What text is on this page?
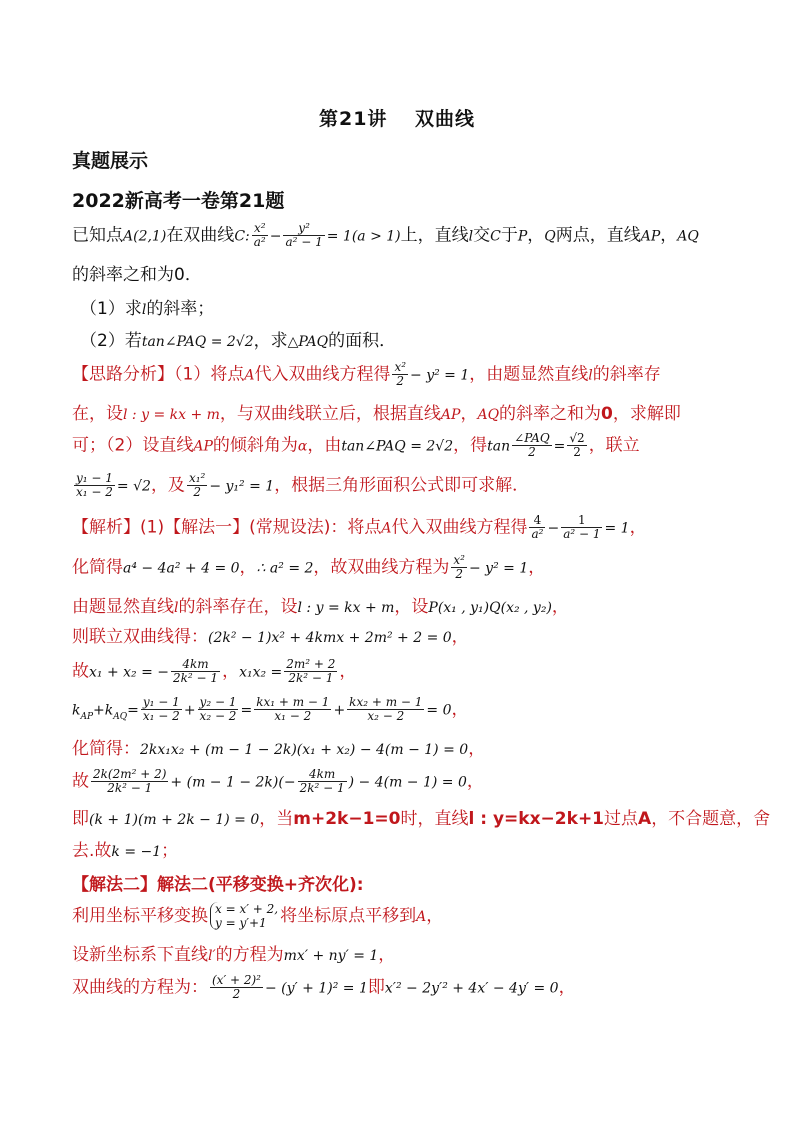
第21讲　 双曲线
真题展示
2022新高考一卷第21题
已知点A(2,1)在双曲线C: $\frac{\text{x²}}{\text{a²}} - \frac{\text{y²}}{\text{a² − 1}} = 1(a > 1)$上，直线l交C于P，Q两点，直线AP，AQ
的斜率之和为0．
（1）求l的斜率；
（2）若tan∠PAQ = 2√2，求△PAQ的面积．
【思路分析】（1）将点A代入双曲线方程得 $\frac{\text{x²}}{2} - y^2 = 1$，由题显然直线l的斜率存
在，设l : y = kx + m，与双曲线联立后，根据直线AP，AQ的斜率之和为0，求解即
可；（2）设直线AP的倾斜角为α，由tan∠PAQ = 2√2，得$\tan \frac{\text{∠PAQ}}{2} = \frac{√2}{2}$ ，联立
$\frac{\text{y₁ − 1}}{\text{x₁ − 2}} = √2$，及 $\frac{\text{x₁²}}{2} - y_1^2 = 1$，根据三角形面积公式即可求解．
【解析】(1)【解法一】(常规设法)：将点A代入双曲线方程得 $\frac{4}{\text{a²}} - \frac{1}{\text{a² − 1}} = 1$，
化简得a⁴ − 4a² + 4 = 0，∴ a² = 2，故双曲线方程为 $\frac{\text{x²}}{2} - y^2 = 1$，
由题显然直线l的斜率存在，设l : y = kx + m，设P(x₁ , y₁)Q(x₂ , y₂)，
则联立双曲线得：(2k² − 1)x² + 4kmx + 2m² + 2 = 0，
故x₁ + x₂ = − $\frac{4km}{\text{2k² − 1}}$ ，$x_1x_2 = \frac{\text{2m² + 2}}{\text{2k² − 1}}$ ，
$k_{AP}+k_{AQ}= \frac{\text{y₁ − 1}}{\text{x₁ − 2}} + \frac{\text{y₂ − 1}}{\text{x₂ − 2}} = \frac{\text{kx₁ + m − 1}}{\text{x₁ − 2}} + \frac{\text{kx₂ + m − 1}}{\text{x₂ − 2}} = 0$，
化简得：2kx₁x₂ + (m − 1 − 2k)(x₁ + x₂) − 4(m − 1) = 0，
故 $\frac{\text{2k(2m² + 2)}}{\text{2k² − 1}} + (m - 1 - 2k)(- \frac{4km}{\text{2k² − 1}}$ ) − 4(m − 1) = 0，
即(k + 1)(m + 2k − 1) = 0，当m+2k−1=0时，直线l : y=kx−2k+1过点A，不合题意，舍
去.故k = −1；
【解法二】解法二(平移变换+齐次化):
利用坐标平移变换 x = x′ + 2,
y = y′+1 将坐标原点平移到A，
设新坐标系下直线l′的方程为mx′ + ny′ = 1，
双曲线的方程为： $\frac{\text{(x′ + 2)²}}{2} - (y' + 1)^2 = 1$即x′² − 2y′² + 4x′ − 4y′ = 0，
